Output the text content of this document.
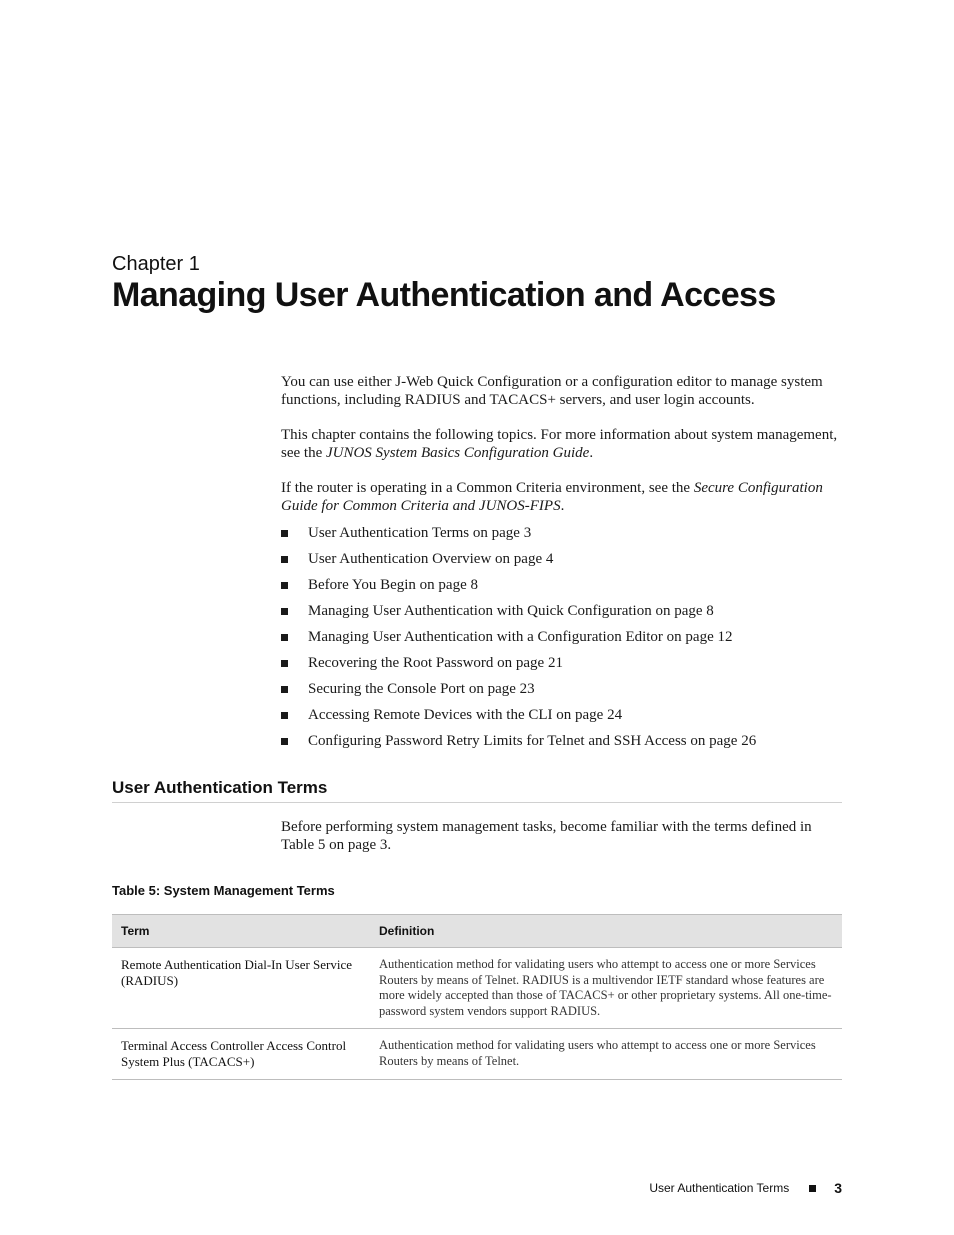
Chapter 1
Managing User Authentication and Access

You can use either J-Web Quick Configuration or a configuration editor to manage system functions, including RADIUS and TACACS+ servers, and user login accounts.

This chapter contains the following topics. For more information about system management, see the JUNOS System Basics Configuration Guide.

If the router is operating in a Common Criteria environment, see the Secure Configuration Guide for Common Criteria and JUNOS-FIPS.

User Authentication Terms on page 3
User Authentication Overview on page 4
Before You Begin on page 8
Managing User Authentication with Quick Configuration on page 8
Managing User Authentication with a Configuration Editor on page 12
Recovering the Root Password on page 21
Securing the Console Port on page 23
Accessing Remote Devices with the CLI on page 24
Configuring Password Retry Limits for Telnet and SSH Access on page 26
User Authentication Terms

Before performing system management tasks, become familiar with the terms defined in Table 5 on page 3.

Table 5: System Management Terms
Term	Definition
Remote Authentication Dial-In User Service (RADIUS)	Authentication method for validating users who attempt to access one or more Services Routers by means of Telnet. RADIUS is a multivendor IETF standard whose features are more widely accepted than those of TACACS+ or other proprietary systems. All one-time-password system vendors support RADIUS.
Terminal Access Controller Access Control System Plus (TACACS+)	Authentication method for validating users who attempt to access one or more Services Routers by means of Telnet.
User Authentication Terms	3
